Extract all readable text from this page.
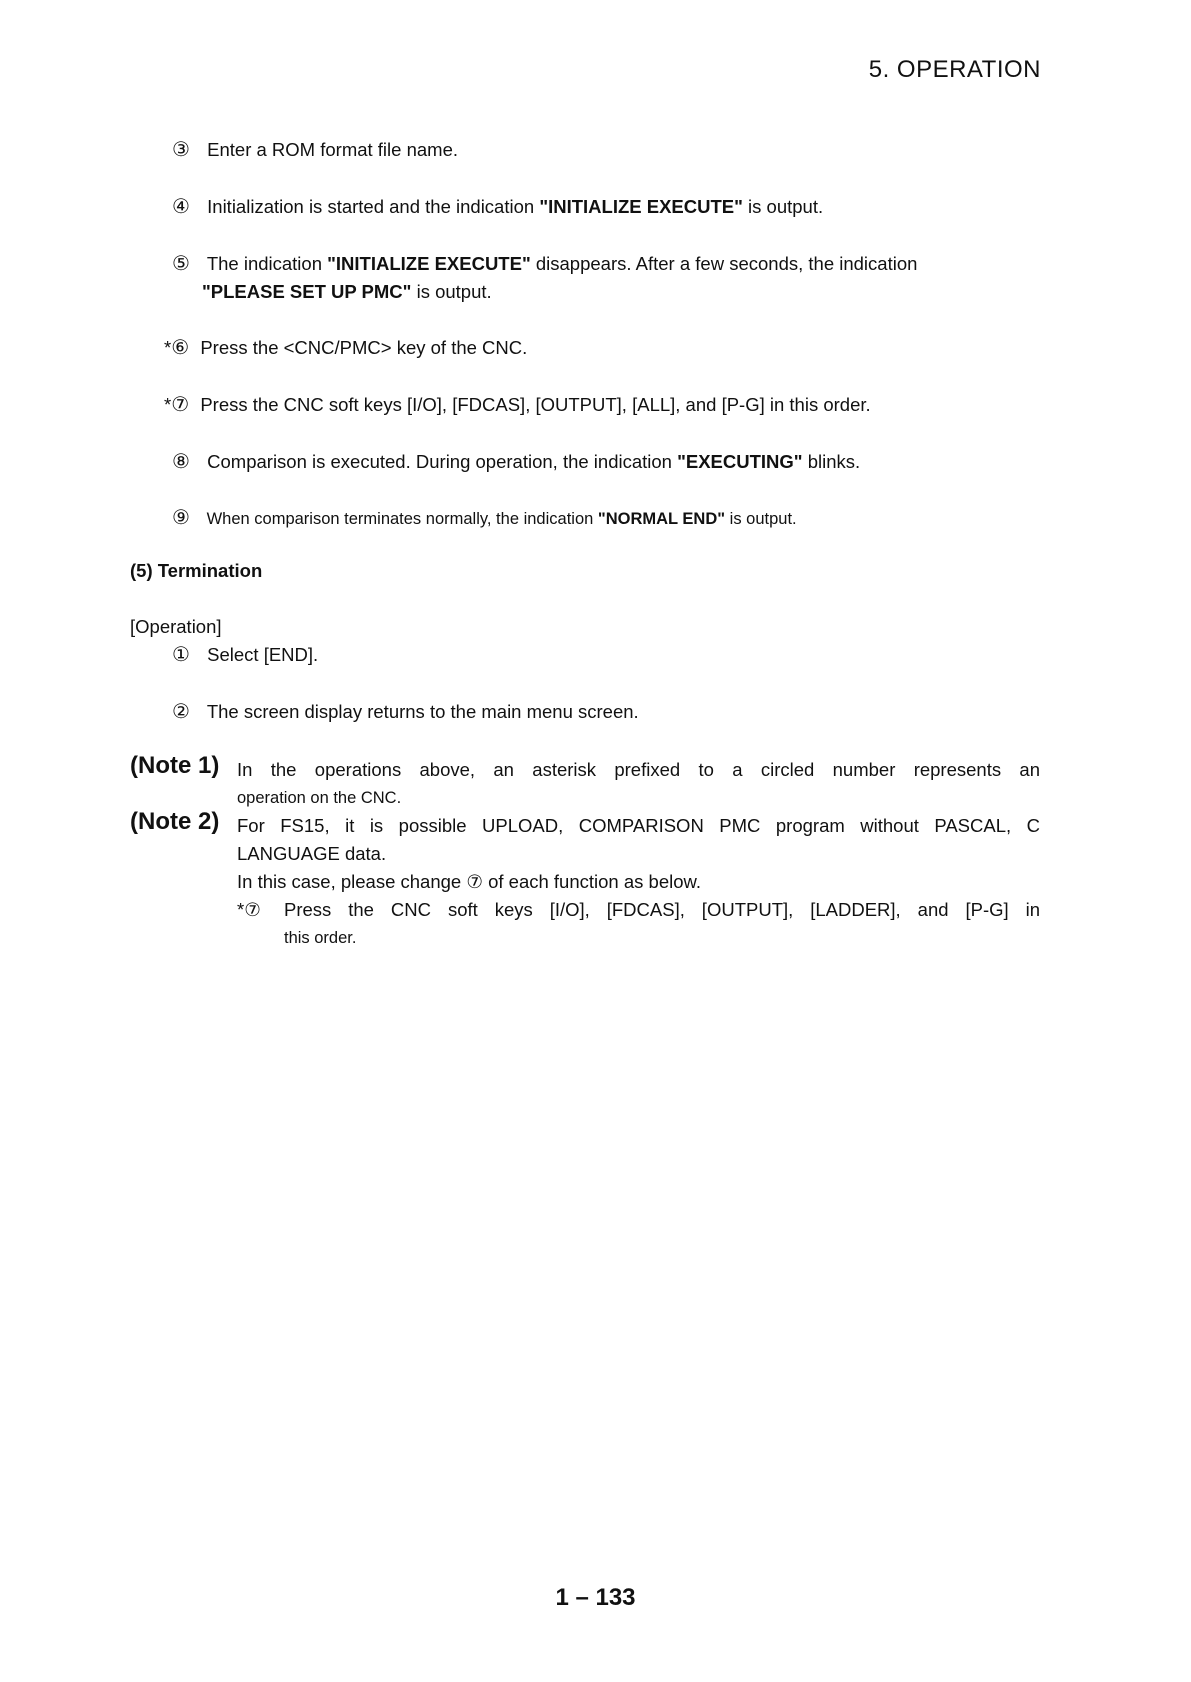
5. OPERATION
③ Enter a ROM format file name.
④ Initialization is started and the indication "INITIALIZE EXECUTE" is output.
⑤ The indication "INITIALIZE EXECUTE" disappears. After a few seconds, the indication
"PLEASE SET UP PMC" is output.
*⑥ Press the <CNC/PMC> key of the CNC.
*⑦ Press the CNC soft keys [I/O], [FDCAS], [OUTPUT], [ALL], and [P-G] in this order.
⑧ Comparison is executed. During operation, the indication "EXECUTING" blinks.
⑨ When comparison terminates normally, the indication "NORMAL END" is output.
(5) Termination
[Operation]
① Select [END].
② The screen display returns to the main menu screen.
(Note 1) In the operations above, an asterisk prefixed to a circled number represents an
operation on the CNC.
(Note 2) For FS15, it is possible UPLOAD, COMPARISON PMC program without PASCAL, C
LANGUAGE data.
In this case, please change ⑦ of each function as below.
*⑦ Press the CNC soft keys [I/O], [FDCAS], [OUTPUT], [LADDER], and [P-G] in
this order.
1 – 133
